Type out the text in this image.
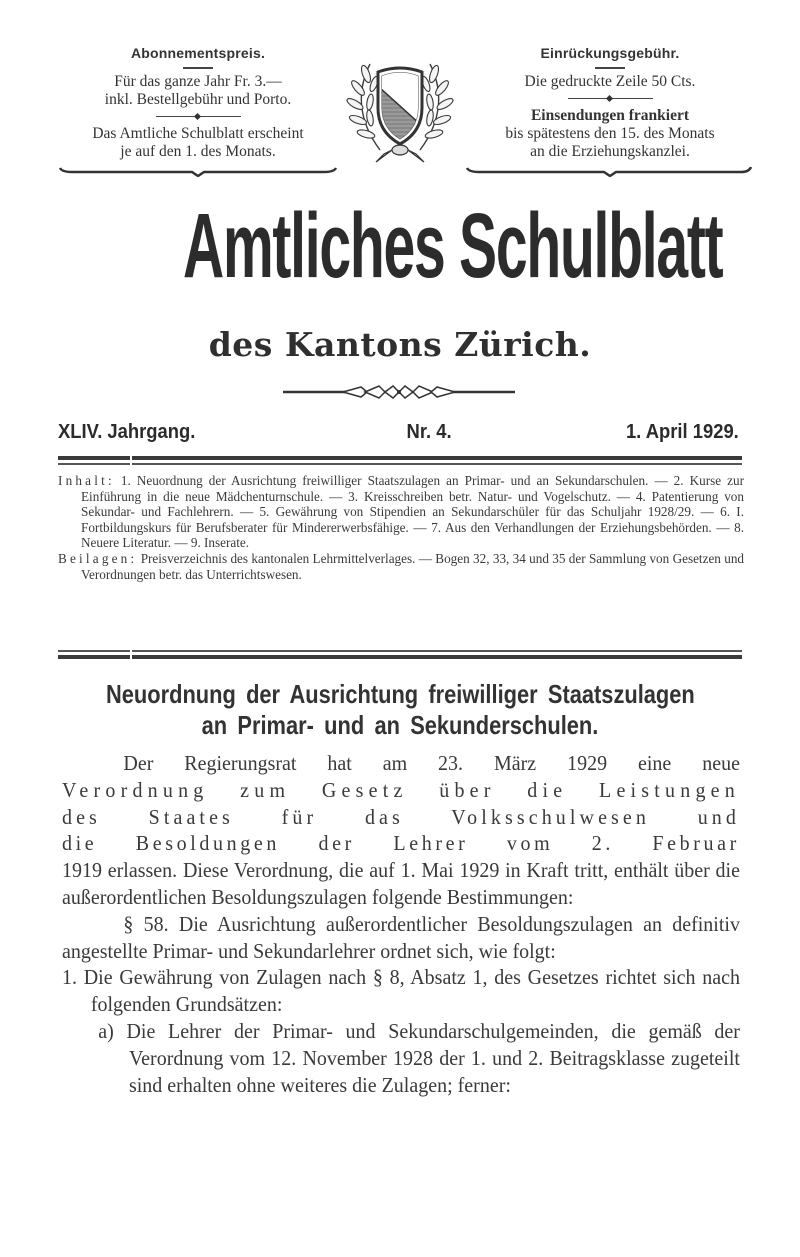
Abonnementspreis.
Für das ganze Jahr Fr. 3.—
inkl. Bestellgebühr und Porto.
Das Amtliche Schulblatt erscheint
je auf den 1. des Monats.
Einrückungsgebühr.
Die gedruckte Zeile 50 Cts.
Einsendungen frankiert
bis spätestens den 15. des Monats
an die Erziehungskanzlei.
Amtliches Schulblatt
des Kantons Zürich.
XLIV. Jahrgang.	Nr. 4.	1. April 1929.

Inhalt: 1. Neuordnung der Ausrichtung freiwilliger Staatszulagen an Primar- und an Sekundarschulen. — 2. Kurse zur Einführung in die neue Mädchenturnschule. — 3. Kreisschreiben betr. Natur- und Vogelschutz. — 4. Patentierung von Sekundar- und Fachlehrern. — 5. Gewährung von Stipendien an Sekundarschüler für das Schuljahr 1928/29. — 6. I. Fortbildungskurs für Berufsberater für Mindererwerbsfähige. — 7. Aus den Verhandlungen der Erziehungsbehörden. — 8. Neuere Literatur. — 9. Inserate.

Beilagen: Preisverzeichnis des kantonalen Lehrmittelverlages. — Bogen 32, 33, 34 und 35 der Sammlung von Gesetzen und Verordnungen betr. das Unterrichtswesen.

Neuordnung der Ausrichtung freiwilliger Staatszulagen
an Primar- und an Sekunderschulen.

Der Regierungsrat hat am 23. März 1929 eine neue

Verordnung zum Gesetz über die Leistungen

des Staates für das Volksschulwesen und

die Besoldungen der Lehrer vom 2. Februar

1919 erlassen. Diese Verordnung, die auf 1. Mai 1929 in Kraft tritt, enthält über die außerordentlichen Besoldungszulagen folgende Bestimmungen:

§ 58. Die Ausrichtung außerordentlicher Besoldungszulagen an definitiv angestellte Primar- und Sekundarlehrer ordnet sich, wie folgt:

1. Die Gewährung von Zulagen nach § 8, Absatz 1, des Gesetzes richtet sich nach folgenden Grundsätzen:

a) Die Lehrer der Primar- und Sekundarschulgemeinden, die gemäß der Verordnung vom 12. November 1928 der 1. und 2. Beitragsklasse zugeteilt sind erhalten ohne weiteres die Zulagen; ferner:
